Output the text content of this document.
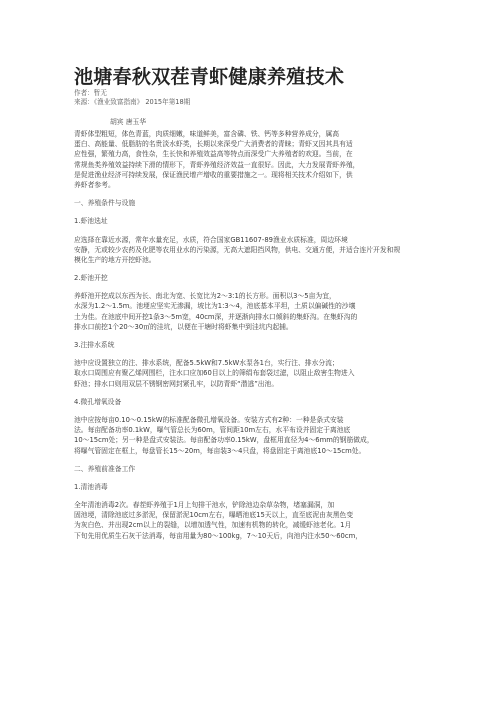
池塘春秋双茬青虾健康养殖技术
作者：暂无
来源：《渔业致富指南》 2015年第18期
胡宾 唐玉华
青虾体型粗短，体色青蓝，肉质细嫩，味道鲜美，富含磷、铁、钙等多种营养成分，属高
蛋白、高能量、低脂肪的名贵淡水虾类，长期以来深受广大消费者的青睐；青虾又因其具有适
应性强，繁殖力高，食性杂，生长快和养殖效益高等特点而深受广大养殖者的欢迎。当前，在
常规鱼类养殖效益持续下滑的情形下，青虾养殖经济效益一直很好。因此，大力发展青虾养殖，
是促进渔业经济可持续发展，保证渔民增产增收的重要措施之一。现将相关技术介绍如下，供
养虾者参考。
一、养殖条件与设施
1.虾池选址
应选择在靠近水源，常年水量充足，水质，符合国家GB11607-89渔业水质标准，周边环境
安静，无或较少农药及化肥等农用业水的污染源，无高大遮阳挡风物，供电、交通方便，并适合连片开发和规
模化生产的地方开挖虾池。
2.虾池开挖
养虾池开挖成以东西为长、南北为宽、长宽比为2～3:1的长方形。面积以3～5亩为宜，
水深为1.2～1.5m。池埂应坚实无渗漏，坡比为1:3～4，池底基本平坦，土质以偏碱性的沙壤
土为佳。在池底中间开挖1条3～5m宽，40cm深，并逐渐向排水口倾斜的集虾沟。在集虾沟的
排水口前挖1个20～30㎡的洼坑，以便在干塘时将虾集中到洼坑内起捕。
3.注排水系统
池中应设置独立的注、排水系统，配备5.5kW和7.5kW水泵各1台，实行注、排水分流；
取水口周围应有聚乙烯网围栏，注水口应加60目以上的筛绢布套袋过滤，以阻止敌害生物进入
虾池；排水口则用双层不锈钢密网封紧孔牢，以防青虾“潜逃”出池。
4.微孔增氧设备
池中应按每亩0.10～0.15kW的标准配备微孔增氧设备。安装方式有2种：一种是条式安装
法。每亩配备功率0.1kW，曝气管总长为60m，管间距10m左右，水平布设并固定于离池底
10～15cm处；另一种是盘式安装法。每亩配备功率0.15kW，盘框用直径为4～6mm的钢筋做成，
将曝气管固定在框上，每盘管长15～20m，每亩装3～4只盘，将盘固定于离池底10～15cm处。
二、养殖前准备工作
1.清池消毒
全年清池消毒2次。春茬虾养殖于1月上旬排干池水，铲除池边杂草杂物，堵塞漏洞，加
固池埂，清除池底过多淤泥，保留淤泥10cm左右，曝晒池底15天以上，直至底泥由灰黑色变
为灰白色、并出现2cm以上的裂缝，以增加透气性，加速有机物的转化，减缓虾池老化。1月
下旬先用优质生石灰干法消毒，每亩用量为80～100kg，7～10天后，向池内注水50～60cm，
